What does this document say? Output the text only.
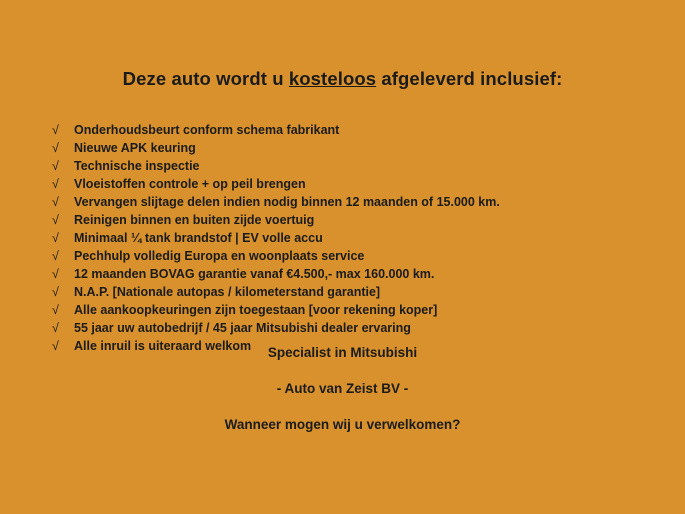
Deze auto wordt u kosteloos afgeleverd inclusief:
√	Onderhoudsbeurt conform schema fabrikant
√	Nieuwe APK keuring
√	Technische inspectie
√	Vloeistoffen controle + op peil brengen
√	Vervangen slijtage delen indien nodig binnen 12 maanden of 15.000 km.
√	Reinigen binnen en buiten zijde voertuig
√	Minimaal ¼ tank brandstof | EV volle accu
√	Pechhulp volledig Europa en woonplaats service
√	12 maanden BOVAG garantie vanaf €4.500,- max 160.000 km.
√	N.A.P. [Nationale autopas / kilometerstand garantie]
√	Alle aankoopkeuringen zijn toegestaan [voor rekening koper]
√	55 jaar uw autobedrijf / 45 jaar Mitsubishi dealer ervaring
√	Alle inruil is uiteraard welkom	Specialist in Mitsubishi
- Auto van Zeist BV -
Wanneer mogen wij u verwelkomen?
